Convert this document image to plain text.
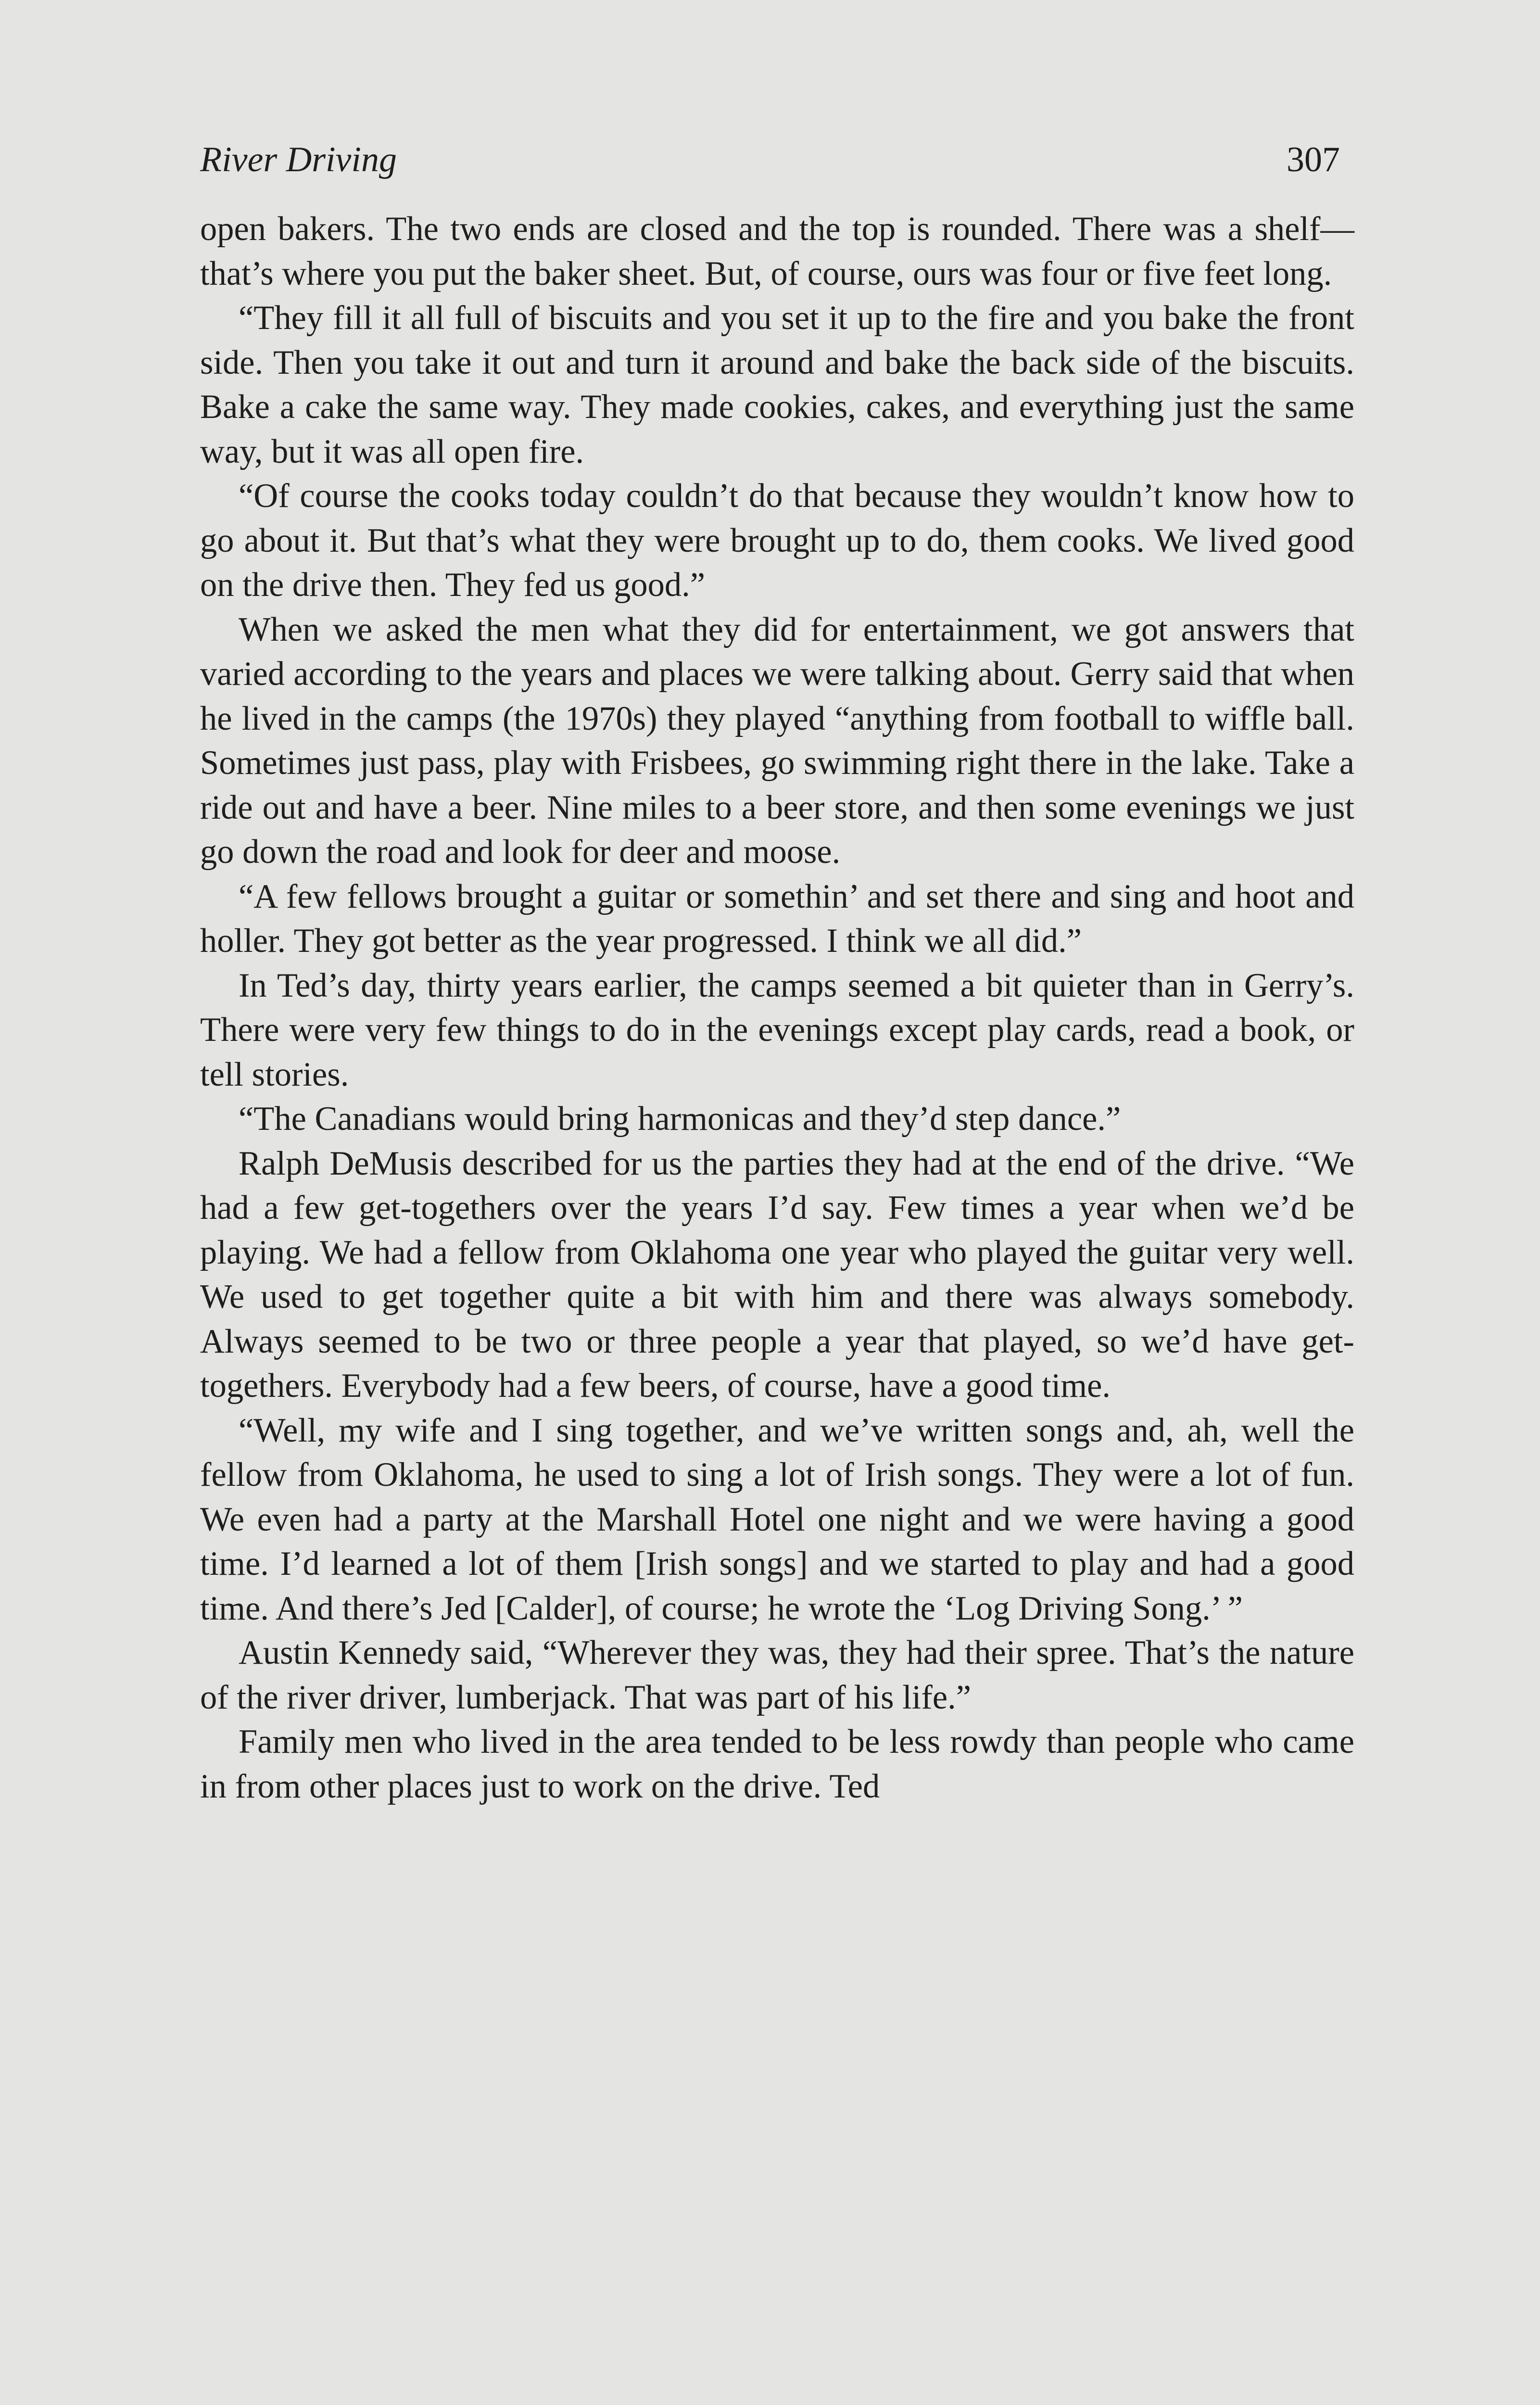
River Driving	307

open bakers. The two ends are closed and the top is rounded. There was a shelf—that’s where you put the baker sheet. But, of course, ours was four or five feet long.

“They fill it all full of biscuits and you set it up to the fire and you bake the front side. Then you take it out and turn it around and bake the back side of the biscuits. Bake a cake the same way. They made cookies, cakes, and everything just the same way, but it was all open fire.

“Of course the cooks today couldn’t do that because they wouldn’t know how to go about it. But that’s what they were brought up to do, them cooks. We lived good on the drive then. They fed us good.”

When we asked the men what they did for entertainment, we got answers that varied according to the years and places we were talking about. Gerry said that when he lived in the camps (the 1970s) they played “anything from football to wiffle ball. Sometimes just pass, play with Frisbees, go swimming right there in the lake. Take a ride out and have a beer. Nine miles to a beer store, and then some evenings we just go down the road and look for deer and moose.

“A few fellows brought a guitar or somethin’ and set there and sing and hoot and holler. They got better as the year progressed. I think we all did.”

In Ted’s day, thirty years earlier, the camps seemed a bit quieter than in Gerry’s. There were very few things to do in the evenings except play cards, read a book, or tell stories.

“The Canadians would bring harmonicas and they’d step dance.”

Ralph DeMusis described for us the parties they had at the end of the drive. “We had a few get-togethers over the years I’d say. Few times a year when we’d be playing. We had a fellow from Oklahoma one year who played the guitar very well. We used to get together quite a bit with him and there was always somebody. Always seemed to be two or three people a year that played, so we’d have get-togethers. Everybody had a few beers, of course, have a good time.

“Well, my wife and I sing together, and we’ve written songs and, ah, well the fellow from Oklahoma, he used to sing a lot of Irish songs. They were a lot of fun. We even had a party at the Marshall Hotel one night and we were having a good time. I’d learned a lot of them [Irish songs] and we started to play and had a good time. And there’s Jed [Calder], of course; he wrote the ‘Log Driving Song.’ ”

Austin Kennedy said, “Wherever they was, they had their spree. That’s the nature of the river driver, lumberjack. That was part of his life.”

Family men who lived in the area tended to be less rowdy than people who came in from other places just to work on the drive. Ted
